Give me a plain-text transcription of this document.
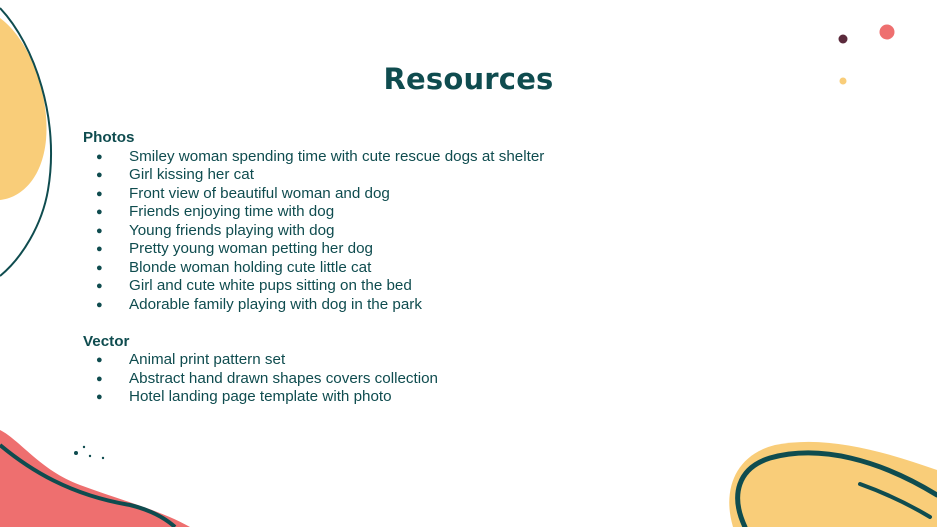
Resources
Photos
● Smiley woman spending time with cute rescue dogs at shelter
● Girl kissing her cat
● Front view of beautiful woman and dog
● Friends enjoying time with dog
● Young friends playing with dog
● Pretty young woman petting her dog
● Blonde woman holding cute little cat
● Girl and cute white pups sitting on the bed
● Adorable family playing with dog in the park
Vector
● Animal print pattern set
● Abstract hand drawn shapes covers collection
● Hotel landing page template with photo
